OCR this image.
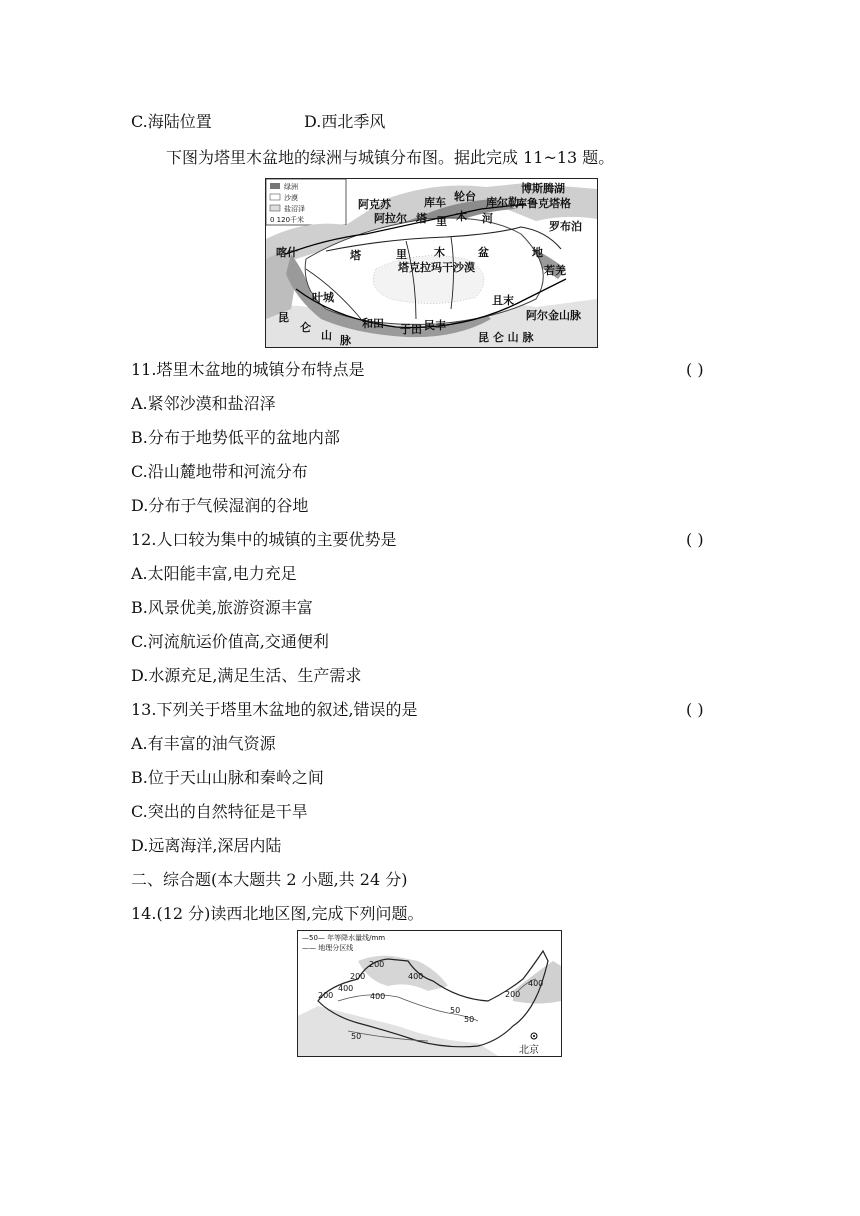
C.海陆位置	D.西北季风
下图为塔里木盆地的绿洲与城镇分布图。据此完成 11~13 题。
绿洲
沙漠
盐沼泽
0 120千米
阿克苏	库车 轮台 库尔勒
博斯腾湖
阿拉尔 塔 里 木 河
库鲁克塔格
罗布泊
喀什	塔	里 木	盆	地
塔克拉玛干沙漠	若羌
叶城	且末
阿尔金山脉
昆
仑
山 脉
和田 于田 民丰
昆 仑 山 脉
11.塔里木盆地的城镇分布特点是	( )
A.紧邻沙漠和盐沼泽
B.分布于地势低平的盆地内部
C.沿山麓地带和河流分布
D.分布于气候湿润的谷地
12.人口较为集中的城镇的主要优势是	( )
A.太阳能丰富,电力充足
B.风景优美,旅游资源丰富
C.河流航运价值高,交通便利
D.水源充足,满足生活、生产需求
13.下列关于塔里木盆地的叙述,错误的是	( )
A.有丰富的油气资源
B.位于天山山脉和秦岭之间
C.突出的自然特征是干旱
D.远离海洋,深居内陆
二、综合题(本大题共 2 小题,共 24 分)
14.(12 分)读西北地区图,完成下列问题。
—50— 年等降水量线/mm
—— 地理分区线
200
200
400
400
400
200
50
50
200
400
50
北京
